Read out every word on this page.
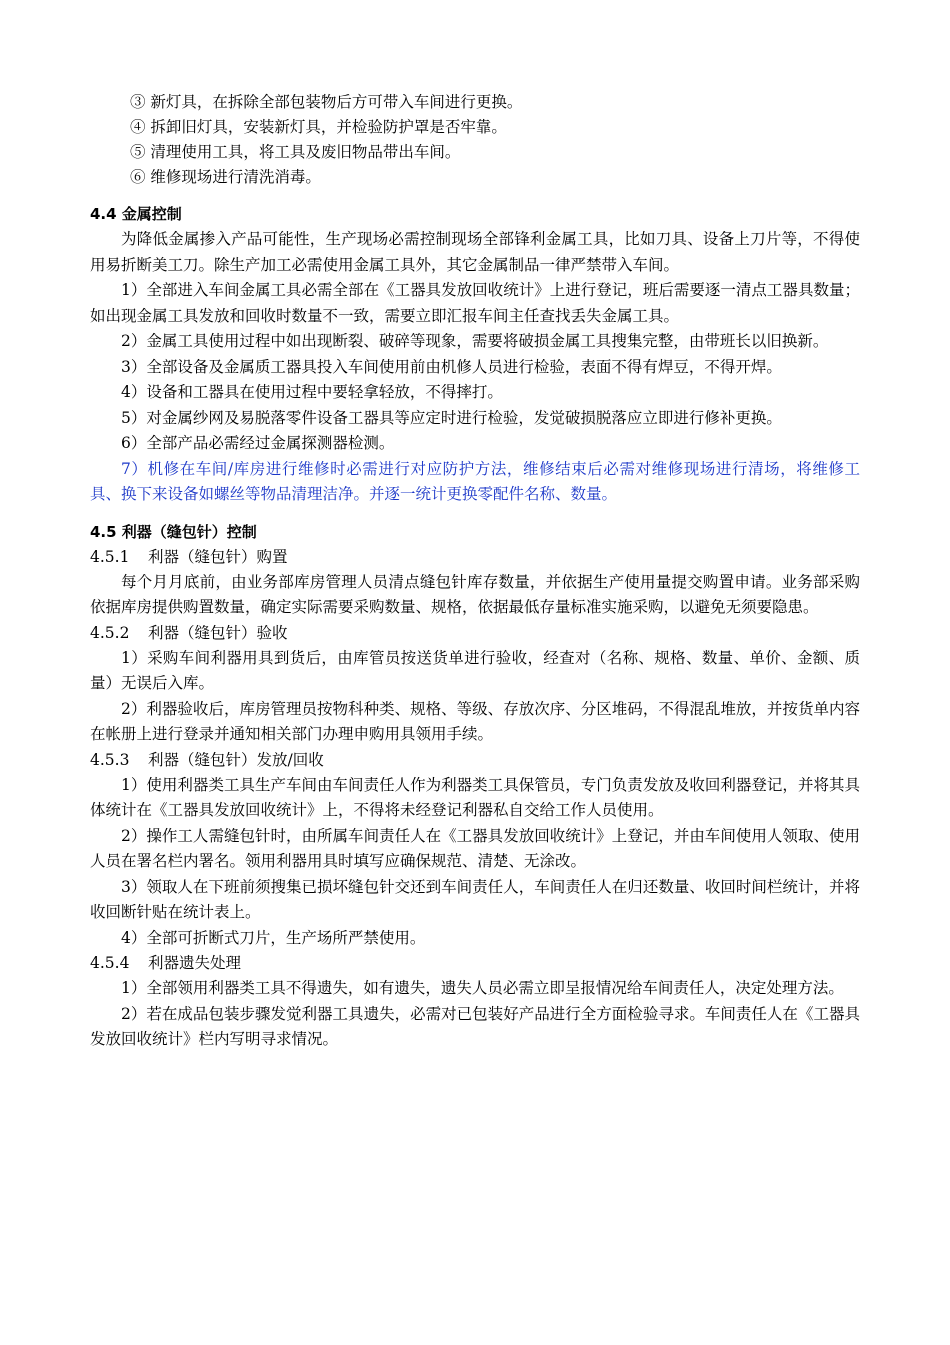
③ 新灯具，在拆除全部包装物后方可带入车间进行更换。
④ 拆卸旧灯具，安装新灯具，并检验防护罩是否牢靠。
⑤ 清理使用工具，将工具及废旧物品带出车间。
⑥ 维修现场进行清洗消毒。
4.4 金属控制
为降低金属掺入产品可能性，生产现场必需控制现场全部锋利金属工具，比如刀具、设备上刀片等，不得使用易折断美工刀。除生产加工必需使用金属工具外，其它金属制品一律严禁带入车间。
1）全部进入车间金属工具必需全部在《工器具发放回收统计》上进行登记，班后需要逐一清点工器具数量；如出现金属工具发放和回收时数量不一致，需要立即汇报车间主任查找丢失金属工具。
2）金属工具使用过程中如出现断裂、破碎等现象，需要将破损金属工具搜集完整，由带班长以旧换新。
3）全部设备及金属质工器具投入车间使用前由机修人员进行检验，表面不得有焊豆，不得开焊。
4）设备和工器具在使用过程中要轻拿轻放，不得摔打。
5）对金属纱网及易脱落零件设备工器具等应定时进行检验，发觉破损脱落应立即进行修补更换。
6）全部产品必需经过金属探测器检测。
7）机修在车间/库房进行维修时必需进行对应防护方法，维修结束后必需对维修现场进行清场，将维修工具、换下来设备如螺丝等物品清理洁净。并逐一统计更换零配件名称、数量。
4.5 利器（缝包针）控制
4.5.1 利器（缝包针）购置
每个月月底前，由业务部库房管理人员清点缝包针库存数量，并依据生产使用量提交购置申请。业务部采购依据库房提供购置数量，确定实际需要采购数量、规格，依据最低存量标准实施采购，以避免无须要隐患。
4.5.2 利器（缝包针）验收
1）采购车间利器用具到货后，由库管员按送货单进行验收，经查对（名称、规格、数量、单价、金额、质量）无误后入库。
2）利器验收后，库房管理员按物科种类、规格、等级、存放次序、分区堆码，不得混乱堆放，并按货单内容在帐册上进行登录并通知相关部门办理申购用具领用手续。
4.5.3 利器（缝包针）发放/回收
1）使用利器类工具生产车间由车间责任人作为利器类工具保管员，专门负责发放及收回利器登记，并将其具体统计在《工器具发放回收统计》上，不得将未经登记利器私自交给工作人员使用。
2）操作工人需缝包针时，由所属车间责任人在《工器具发放回收统计》上登记，并由车间使用人领取、使用人员在署名栏内署名。领用利器用具时填写应确保规范、清楚、无涂改。
3）领取人在下班前须搜集已损坏缝包针交还到车间责任人，车间责任人在归还数量、收回时间栏统计，并将收回断针贴在统计表上。
4）全部可折断式刀片，生产场所严禁使用。
4.5.4 利器遗失处理
1）全部领用利器类工具不得遗失，如有遗失，遗失人员必需立即呈报情况给车间责任人，决定处理方法。
2）若在成品包装步骤发觉利器工具遗失，必需对已包装好产品进行全方面检验寻求。车间责任人在《工器具发放回收统计》栏内写明寻求情况。
